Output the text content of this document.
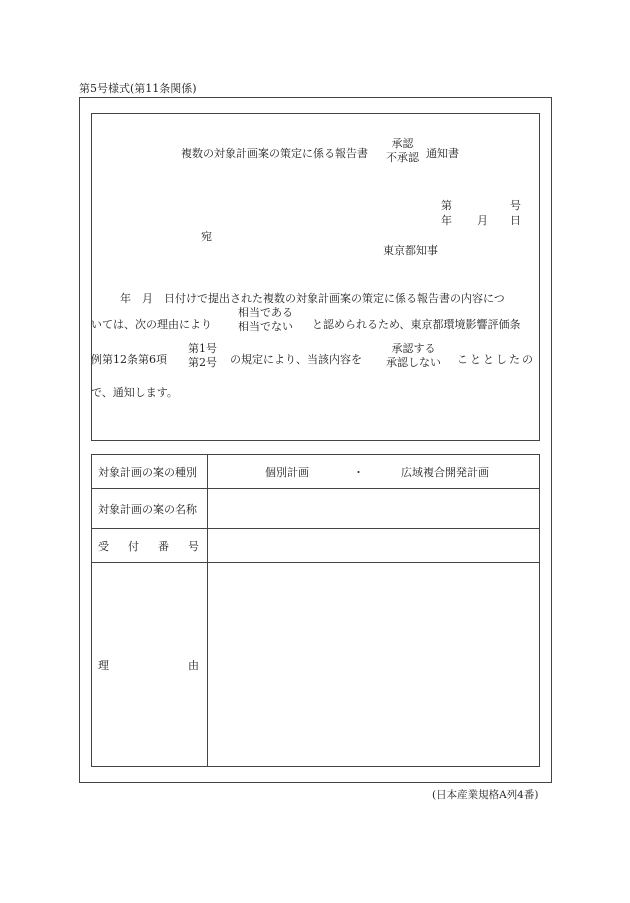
第5号様式(第11条関係)
複数の対象計画案の策定に係る報告書
承認
不承認 通知書
第	号
年 月 日
宛
東京都知事
年　月　日付けで提出された複数の対象計画案の策定に係る報告書の内容につ
いては、次の理由により
相当である
相当でない と認められるため、東京都環境影響評価条
例第12条第6項
第1号
第2号 の規定により、当該内容を
承認する
承認しない こととしたの
で、通知します。
対象計画の案の種別	個別計画 ・ 広域複合開発計画
対象計画の案の名称	

受 付 番 号	

理 由	

(日本産業規格A列4番)
